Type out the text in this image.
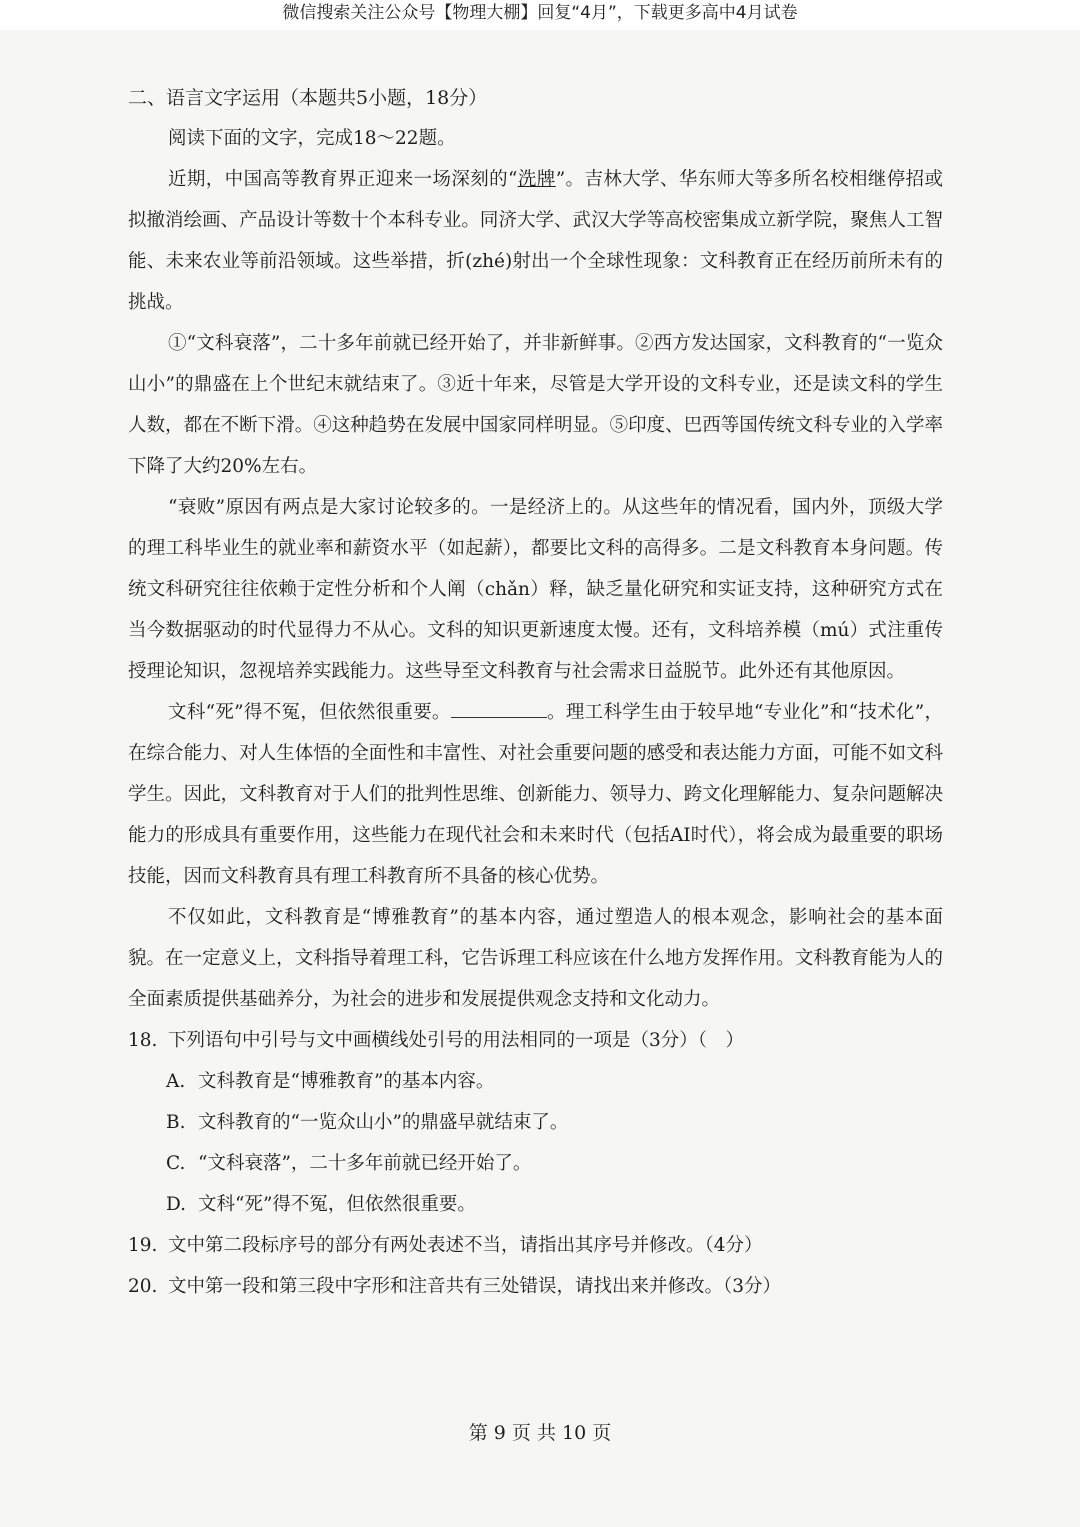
微信搜索关注公众号【物理大棚】回复“4月”，下载更多高中4月试卷
二、语言文字运用（本题共5小题，18分）

阅读下面的文字，完成18～22题。

近期，中国高等教育界正迎来一场深刻的“洗牌”。吉林大学、华东师大等多所名校相继停招或拟撤消绘画、产品设计等数十个本科专业。同济大学、武汉大学等高校密集成立新学院，聚焦人工智能、未来农业等前沿领域。这些举措，折(zhé)射出一个全球性现象：文科教育正在经历前所未有的挑战。

①“文科衰落”，二十多年前就已经开始了，并非新鲜事。②西方发达国家，文科教育的“一览众山小”的鼎盛在上个世纪末就结束了。③近十年来，尽管是大学开设的文科专业，还是读文科的学生人数，都在不断下滑。④这种趋势在发展中国家同样明显。⑤印度、巴西等国传统文科专业的入学率下降了大约20%左右。

“衰败”原因有两点是大家讨论较多的。一是经济上的。从这些年的情况看，国内外，顶级大学的理工科毕业生的就业率和薪资水平（如起薪），都要比文科的高得多。二是文科教育本身问题。传统文科研究往往依赖于定性分析和个人阐（chǎn）释，缺乏量化研究和实证支持，这种研究方式在当今数据驱动的时代显得力不从心。文科的知识更新速度太慢。还有，文科培养模（mú）式注重传授理论知识，忽视培养实践能力。这些导至文科教育与社会需求日益脱节。此外还有其他原因。

文科“死”得不冤，但依然很重要。	。理工科学生由于较早地“专业化”和“技术化”，在综合能力、对人生体悟的全面性和丰富性、对社会重要问题的感受和表达能力方面，可能不如文科学生。因此，文科教育对于人们的批判性思维、创新能力、领导力、跨文化理解能力、复杂问题解决能力的形成具有重要作用，这些能力在现代社会和未来时代（包括AI时代），将会成为最重要的职场技能，因而文科教育具有理工科教育所不具备的核心优势。

不仅如此，文科教育是“博雅教育”的基本内容，通过塑造人的根本观念，影响社会的基本面貌。在一定意义上，文科指导着理工科，它告诉理工科应该在什么地方发挥作用。文科教育能为人的全面素质提供基础养分，为社会的进步和发展提供观念支持和文化动力。

18. 下列语句中引号与文中画横线处引号的用法相同的一项是（3分）（　）

A. 文科教育是“博雅教育”的基本内容。

B. 文科教育的“一览众山小”的鼎盛早就结束了。

C. “文科衰落”，二十多年前就已经开始了。

D. 文科“死”得不冤，但依然很重要。

19. 文中第二段标序号的部分有两处表述不当，请指出其序号并修改。（4分）

20. 文中第一段和第三段中字形和注音共有三处错误，请找出来并修改。（3分）

第 9 页 共 10 页
